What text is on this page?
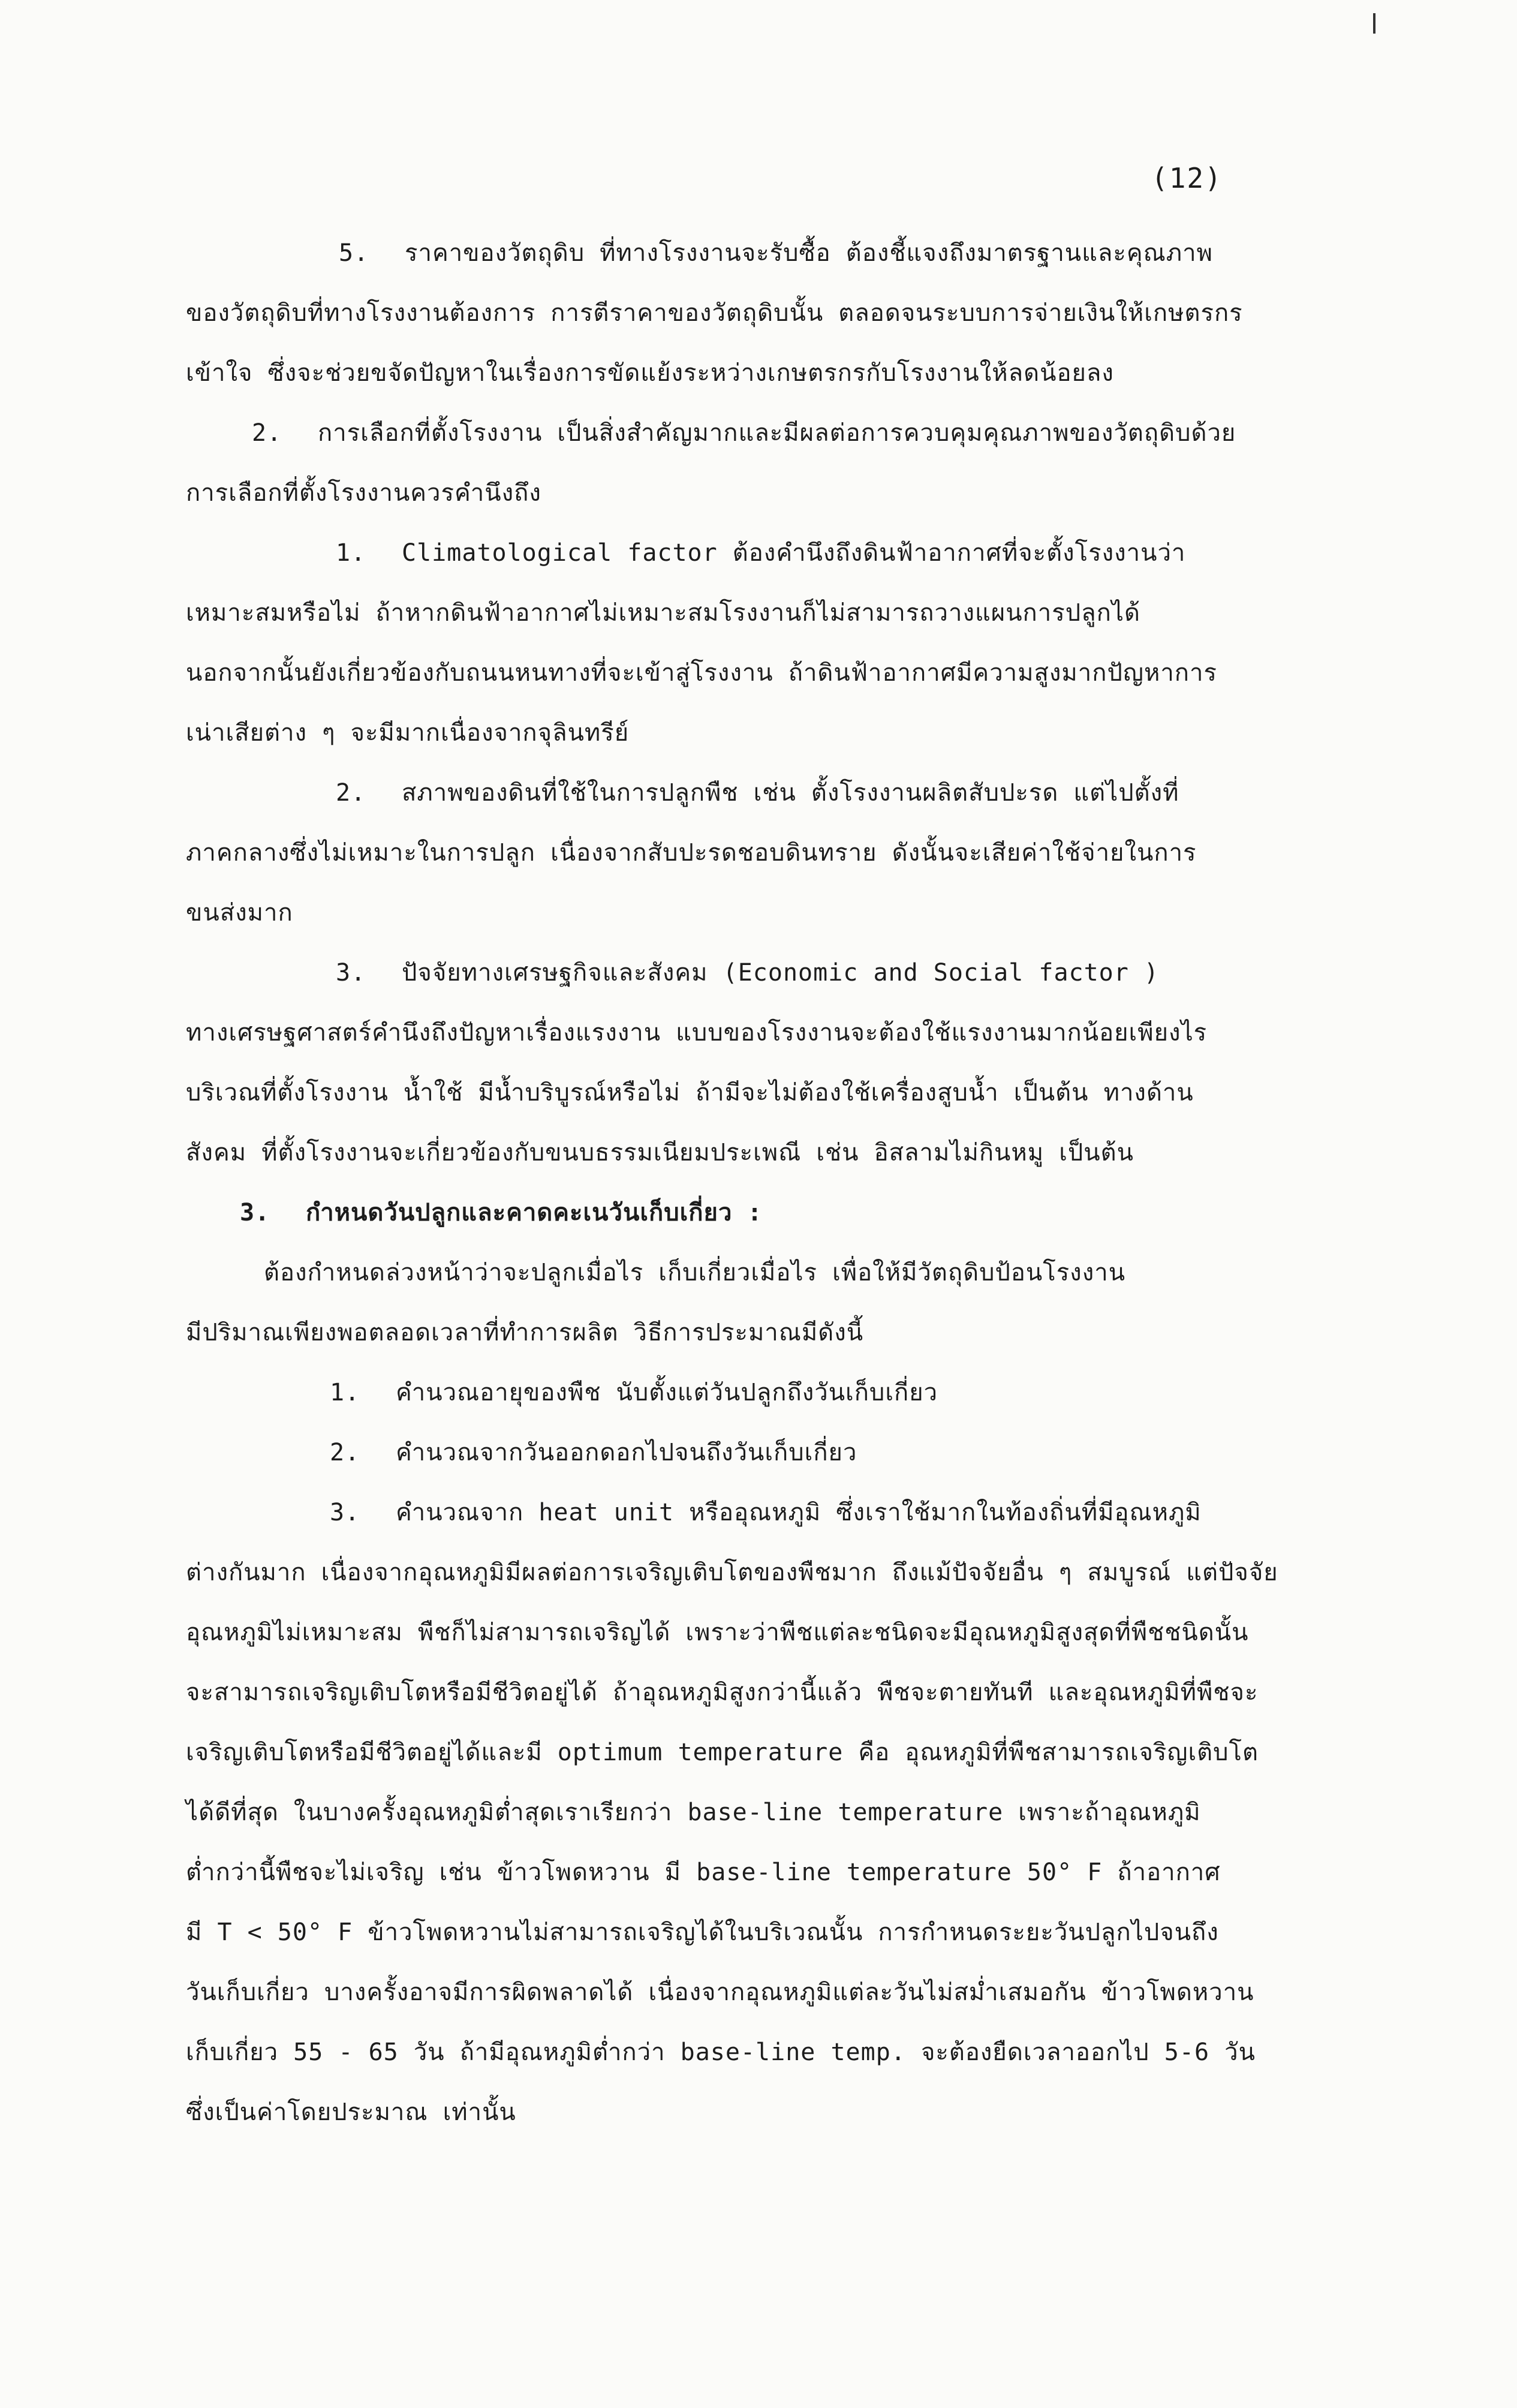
(12)
5. ราคาของวัตถุดิบ ที่ทางโรงงานจะรับซื้อ ต้องชี้แจงถึงมาตรฐานและคุณภาพ
ของวัตถุดิบที่ทางโรงงานต้องการ การตีราคาของวัตถุดิบนั้น ตลอดจนระบบการจ่ายเงินให้เกษตรกร
เข้าใจ ซึ่งจะช่วยขจัดปัญหาในเรื่องการขัดแย้งระหว่างเกษตรกรกับโรงงานให้ลดน้อยลง
2. การเลือกที่ตั้งโรงงาน เป็นสิ่งสำคัญมากและมีผลต่อการควบคุมคุณภาพของวัตถุดิบด้วย
การเลือกที่ตั้งโรงงานควรคำนึงถึง
1. Climatological factor ต้องคำนึงถึงดินฟ้าอากาศที่จะตั้งโรงงานว่า
เหมาะสมหรือไม่ ถ้าหากดินฟ้าอากาศไม่เหมาะสมโรงงานก็ไม่สามารถวางแผนการปลูกได้
นอกจากนั้นยังเกี่ยวข้องกับถนนหนทางที่จะเข้าสู่โรงงาน ถ้าดินฟ้าอากาศมีความสูงมากปัญหาการ
เน่าเสียต่าง ๆ จะมีมากเนื่องจากจุลินทรีย์
2. สภาพของดินที่ใช้ในการปลูกพืช เช่น ตั้งโรงงานผลิตสับปะรด แต่ไปตั้งที่
ภาคกลางซึ่งไม่เหมาะในการปลูก เนื่องจากสับปะรดชอบดินทราย ดังนั้นจะเสียค่าใช้จ่ายในการ
ขนส่งมาก
3. ปัจจัยทางเศรษฐกิจและสังคม (Economic and Social factor )
ทางเศรษฐศาสตร์คำนึงถึงปัญหาเรื่องแรงงาน แบบของโรงงานจะต้องใช้แรงงานมากน้อยเพียงไร
บริเวณที่ตั้งโรงงาน น้ำใช้ มีน้ำบริบูรณ์หรือไม่ ถ้ามีจะไม่ต้องใช้เครื่องสูบน้ำ เป็นต้น ทางด้าน
สังคม ที่ตั้งโรงงานจะเกี่ยวข้องกับขนบธรรมเนียมประเพณี เช่น อิสลามไม่กินหมู เป็นต้น
3. กำหนดวันปลูกและคาดคะเนวันเก็บเกี่ยว :
ต้องกำหนดล่วงหน้าว่าจะปลูกเมื่อไร เก็บเกี่ยวเมื่อไร เพื่อให้มีวัตถุดิบป้อนโรงงาน
มีปริมาณเพียงพอตลอดเวลาที่ทำการผลิต วิธีการประมาณมีดังนี้
1. คำนวณอายุของพืช นับตั้งแต่วันปลูกถึงวันเก็บเกี่ยว
2. คำนวณจากวันออกดอกไปจนถึงวันเก็บเกี่ยว
3. คำนวณจาก heat unit หรืออุณหภูมิ ซึ่งเราใช้มากในท้องถิ่นที่มีอุณหภูมิ
ต่างกันมาก เนื่องจากอุณหภูมิมีผลต่อการเจริญเติบโตของพืชมาก ถึงแม้ปัจจัยอื่น ๆ สมบูรณ์ แต่ปัจจัย
อุณหภูมิไม่เหมาะสม พืชก็ไม่สามารถเจริญได้ เพราะว่าพืชแต่ละชนิดจะมีอุณหภูมิสูงสุดที่พืชชนิดนั้น
จะสามารถเจริญเติบโตหรือมีชีวิตอยู่ได้ ถ้าอุณหภูมิสูงกว่านี้แล้ว พืชจะตายทันที และอุณหภูมิที่พืชจะ
เจริญเติบโตหรือมีชีวิตอยู่ได้และมี optimum temperature คือ อุณหภูมิที่พืชสามารถเจริญเติบโต
ได้ดีที่สุด ในบางครั้งอุณหภูมิต่ำสุดเราเรียกว่า base-line temperature เพราะถ้าอุณหภูมิ
ต่ำกว่านี้พืชจะไม่เจริญ เช่น ข้าวโพดหวาน มี base-line temperature 50° F ถ้าอากาศ
มี T < 50° F ข้าวโพดหวานไม่สามารถเจริญได้ในบริเวณนั้น การกำหนดระยะวันปลูกไปจนถึง
วันเก็บเกี่ยว บางครั้งอาจมีการผิดพลาดได้ เนื่องจากอุณหภูมิแต่ละวันไม่สม่ำเสมอกัน ข้าวโพดหวาน
เก็บเกี่ยว 55 - 65 วัน ถ้ามีอุณหภูมิต่ำกว่า base-line temp. จะต้องยืดเวลาออกไป 5-6 วัน
ซึ่งเป็นค่าโดยประมาณ เท่านั้น
